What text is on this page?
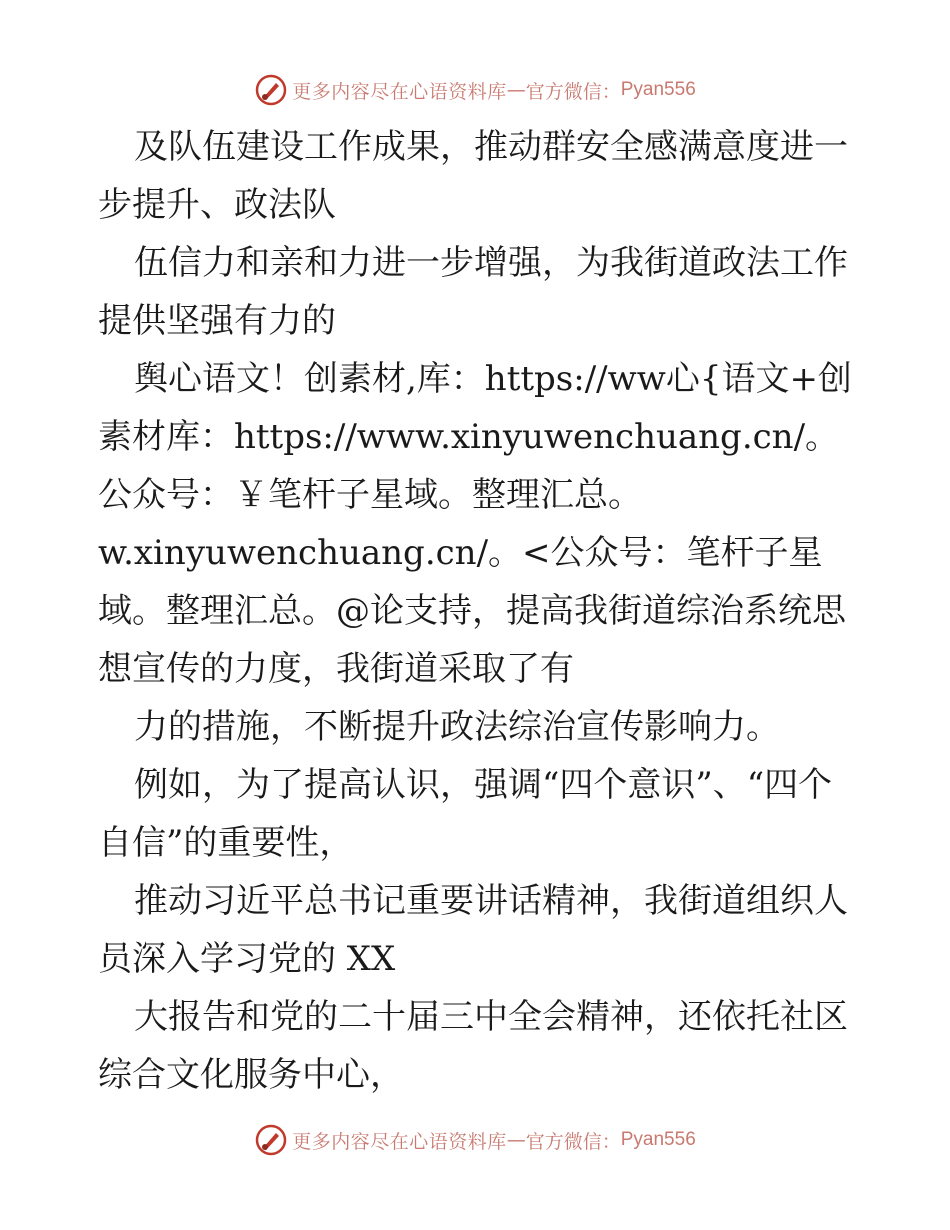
更多内容尽在心语资料库 — 官方微信： Pyan556

及队伍建设工作成果，推动群安全感满意度进一步提升、政法队

伍信力和亲和力进一步增强，为我街道政法工作提供坚强有力的

舆心语文！创素材,库：https://ww心{语文+创素材库：https://www.xinyuwenchuang.cn/。公众号：￥笔杆子星域。整理汇总。

w.xinyuwenchuang.cn/。<公众号：笔杆子星域。整理汇总。@论支持，提高我街道综治系统思想宣传的力度，我街道采取了有

力的措施，不断提升政法综治宣传影响力。

例如，为了提高认识，强调“四个意识”、“四个自信”的重要性，

推动习近平总书记重要讲话精神，我街道组织人员深入学习党的 XX

大报告和党的二十届三中全会精神，还依托社区综合文化服务中心，

更多内容尽在心语资料库 — 官方微信： Pyan556
